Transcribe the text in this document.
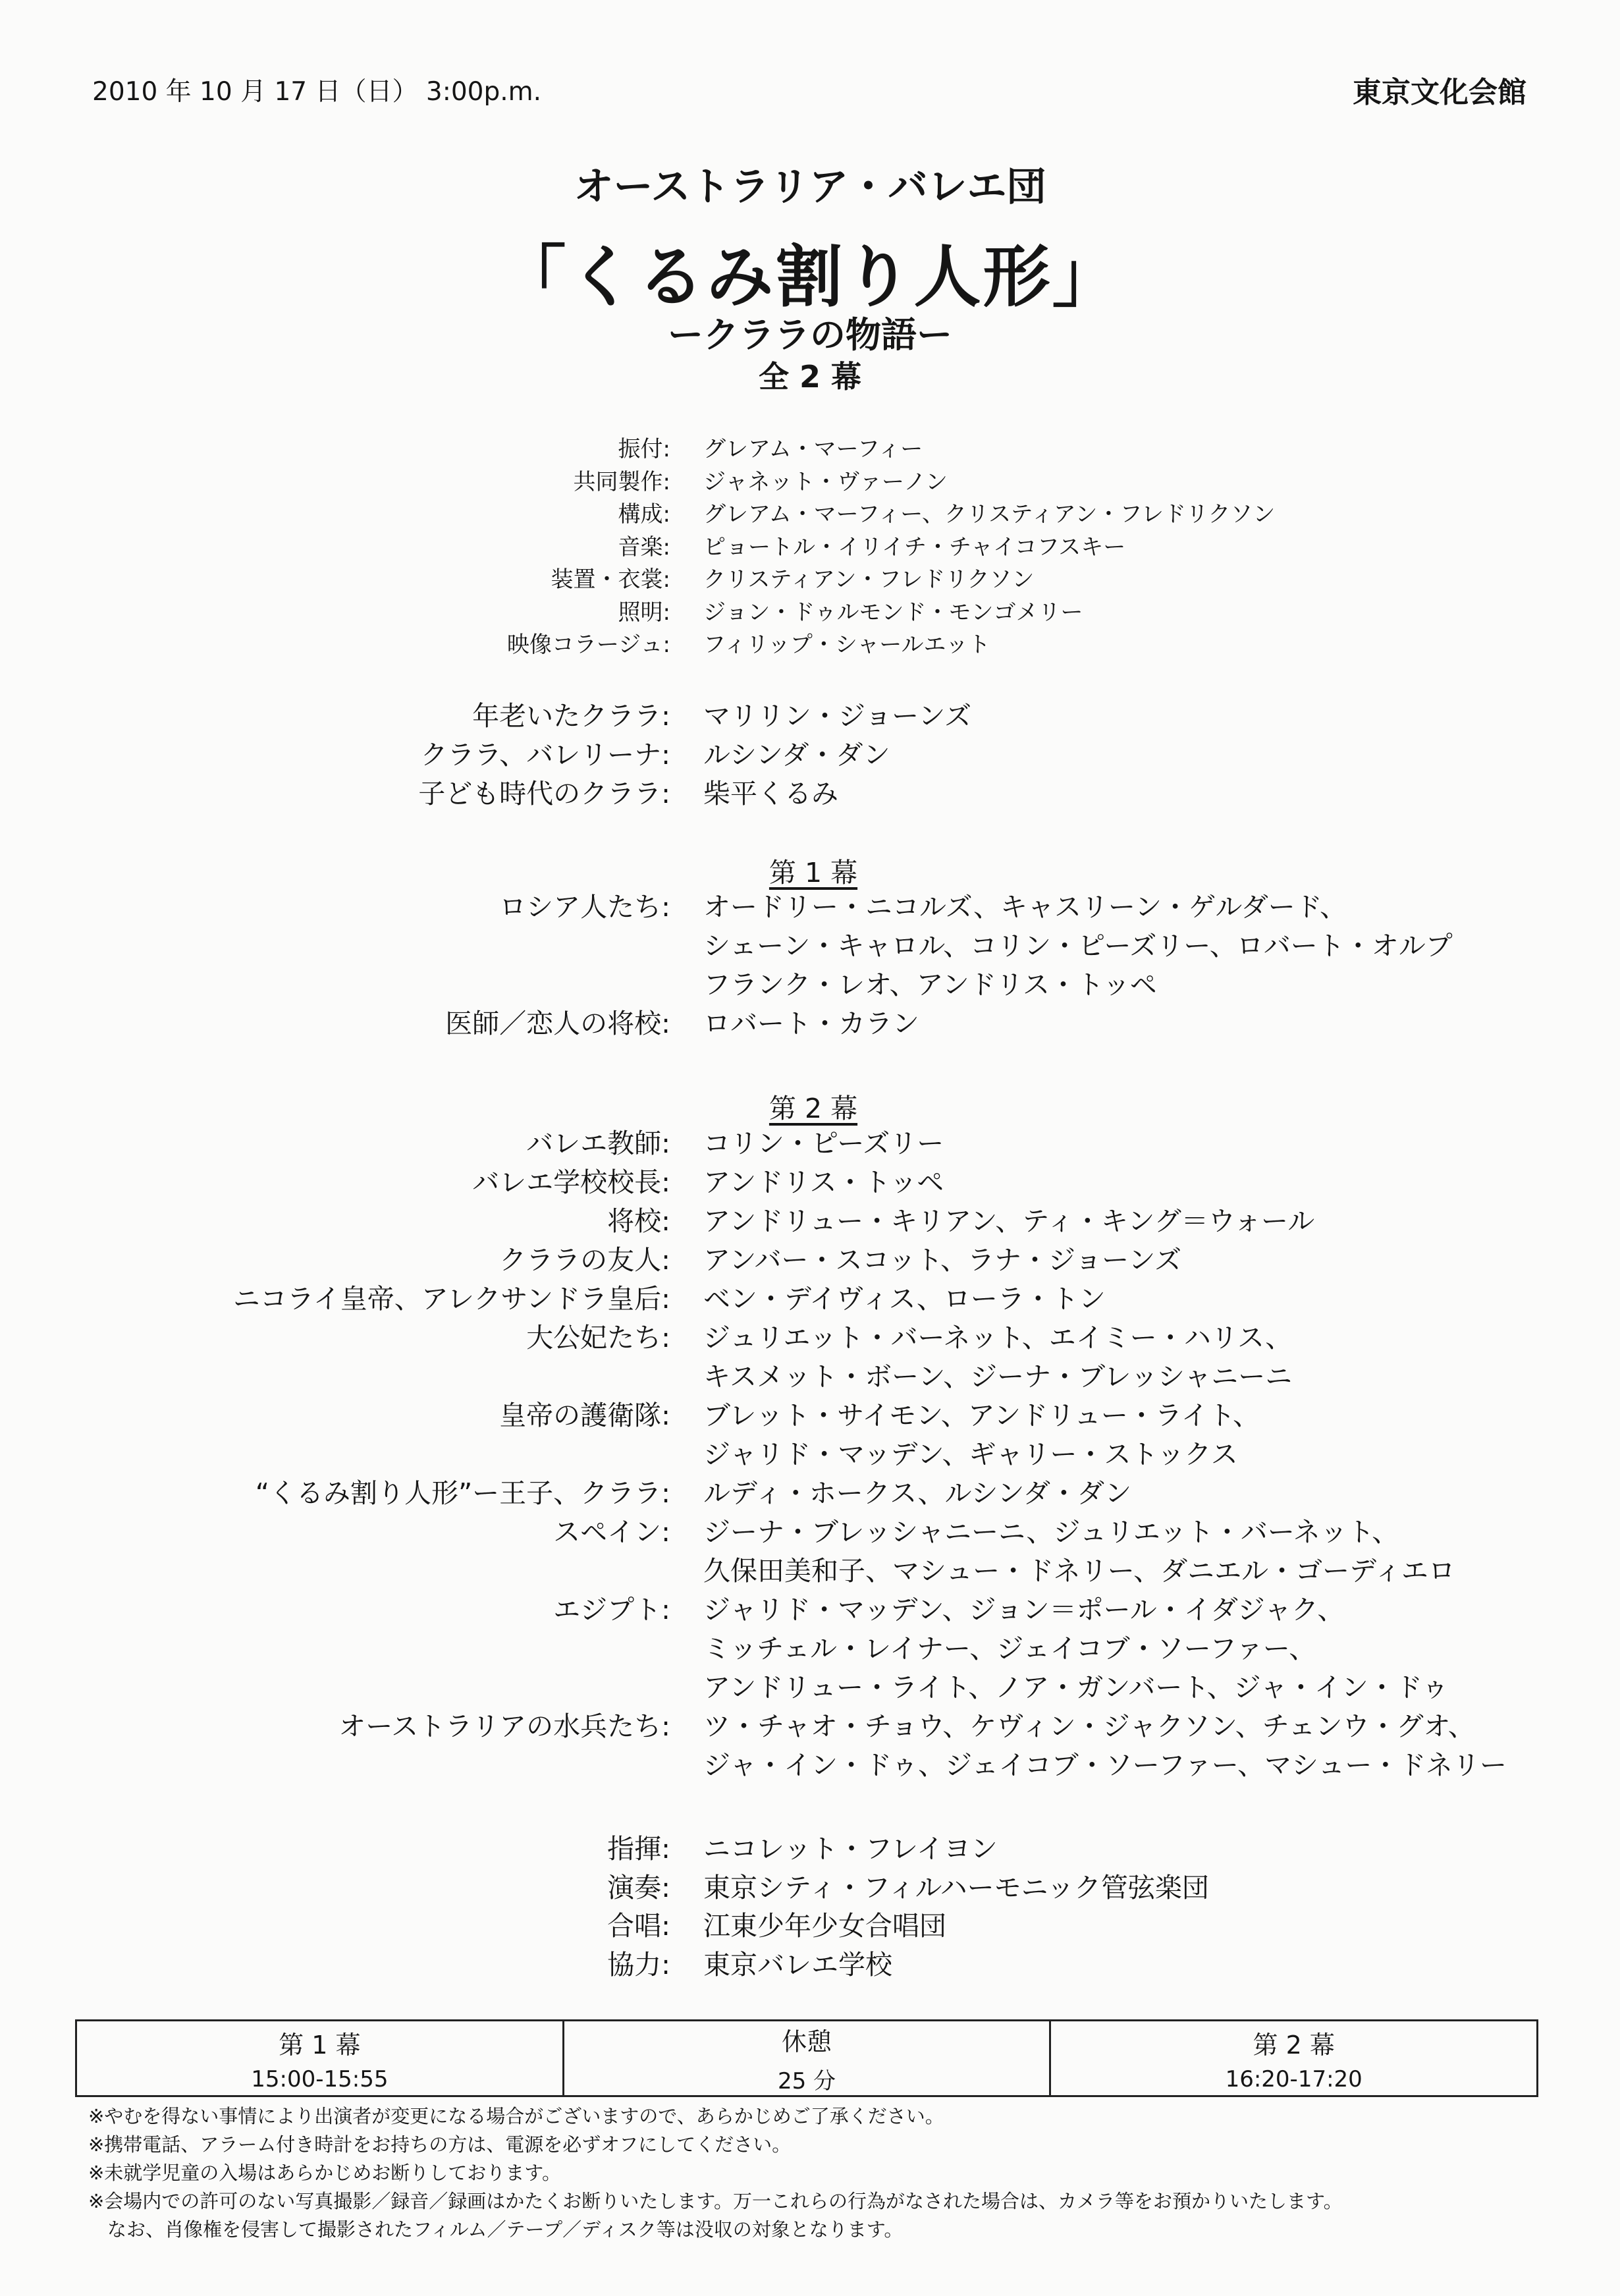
2010 年 10 月 17 日（日） 3:00p.m.	東京文化会館
オーストラリア・バレエ団
「くるみ割り人形」
ークララの物語ー
全 2 幕
振付: グレアム・マーフィー
共同製作: ジャネット・ヴァーノン
構成: グレアム・マーフィー、クリスティアン・フレドリクソン
音楽: ピョートル・イリイチ・チャイコフスキー
装置・衣裳: クリスティアン・フレドリクソン
照明: ジョン・ドゥルモンド・モンゴメリー
映像コラージュ: フィリップ・シャールエット
年老いたクララ: マリリン・ジョーンズ
クララ、バレリーナ: ルシンダ・ダン
子ども時代のクララ: 柴平くるみ
第 1 幕
ロシア人たち: オードリー・ニコルズ、キャスリーン・ゲルダード、
シェーン・キャロル、コリン・ピーズリー、ロバート・オルプ
フランク・レオ、アンドリス・トッペ
医師／恋人の将校: ロバート・カラン
第 2 幕
バレエ教師: コリン・ピーズリー
バレエ学校校長: アンドリス・トッペ
将校: アンドリュー・キリアン、ティ・キング＝ウォール
クララの友人: アンバー・スコット、ラナ・ジョーンズ
ニコライ皇帝、アレクサンドラ皇后: ベン・デイヴィス、ローラ・トン
大公妃たち: ジュリエット・バーネット、エイミー・ハリス、
キスメット・ボーン、ジーナ・ブレッシャニーニ
皇帝の護衛隊: ブレット・サイモン、アンドリュー・ライト、
ジャリド・マッデン、ギャリー・ストックス
“くるみ割り人形”ー王子、クララ: ルディ・ホークス、ルシンダ・ダン
スペイン: ジーナ・ブレッシャニーニ、ジュリエット・バーネット、
久保田美和子、マシュー・ドネリー、ダニエル・ゴーディエロ
エジプト: ジャリド・マッデン、ジョン＝ポール・イダジャク、
ミッチェル・レイナー、ジェイコブ・ソーファー、
アンドリュー・ライト、ノア・ガンバート、ジャ・イン・ドゥ
オーストラリアの水兵たち: ツ・チャオ・チョウ、ケヴィン・ジャクソン、チェンウ・グオ、
ジャ・イン・ドゥ、ジェイコブ・ソーファー、マシュー・ドネリー
指揮: ニコレット・フレイヨン
演奏: 東京シティ・フィルハーモニック管弦楽団
合唱: 江東少年少女合唱団
協力: 東京バレエ学校
第 1 幕
15:00-15:55
休憩
25 分
第 2 幕
16:20-17:20
※やむを得ない事情により出演者が変更になる場合がございますので、あらかじめご了承ください。
※携帯電話、アラーム付き時計をお持ちの方は、電源を必ずオフにしてください。
※未就学児童の入場はあらかじめお断りしております。
※会場内での許可のない写真撮影／録音／録画はかたくお断りいたします。万一これらの行為がなされた場合は、カメラ等をお預かりいたします。
　なお、肖像権を侵害して撮影されたフィルム／テープ／ディスク等は没収の対象となります。
